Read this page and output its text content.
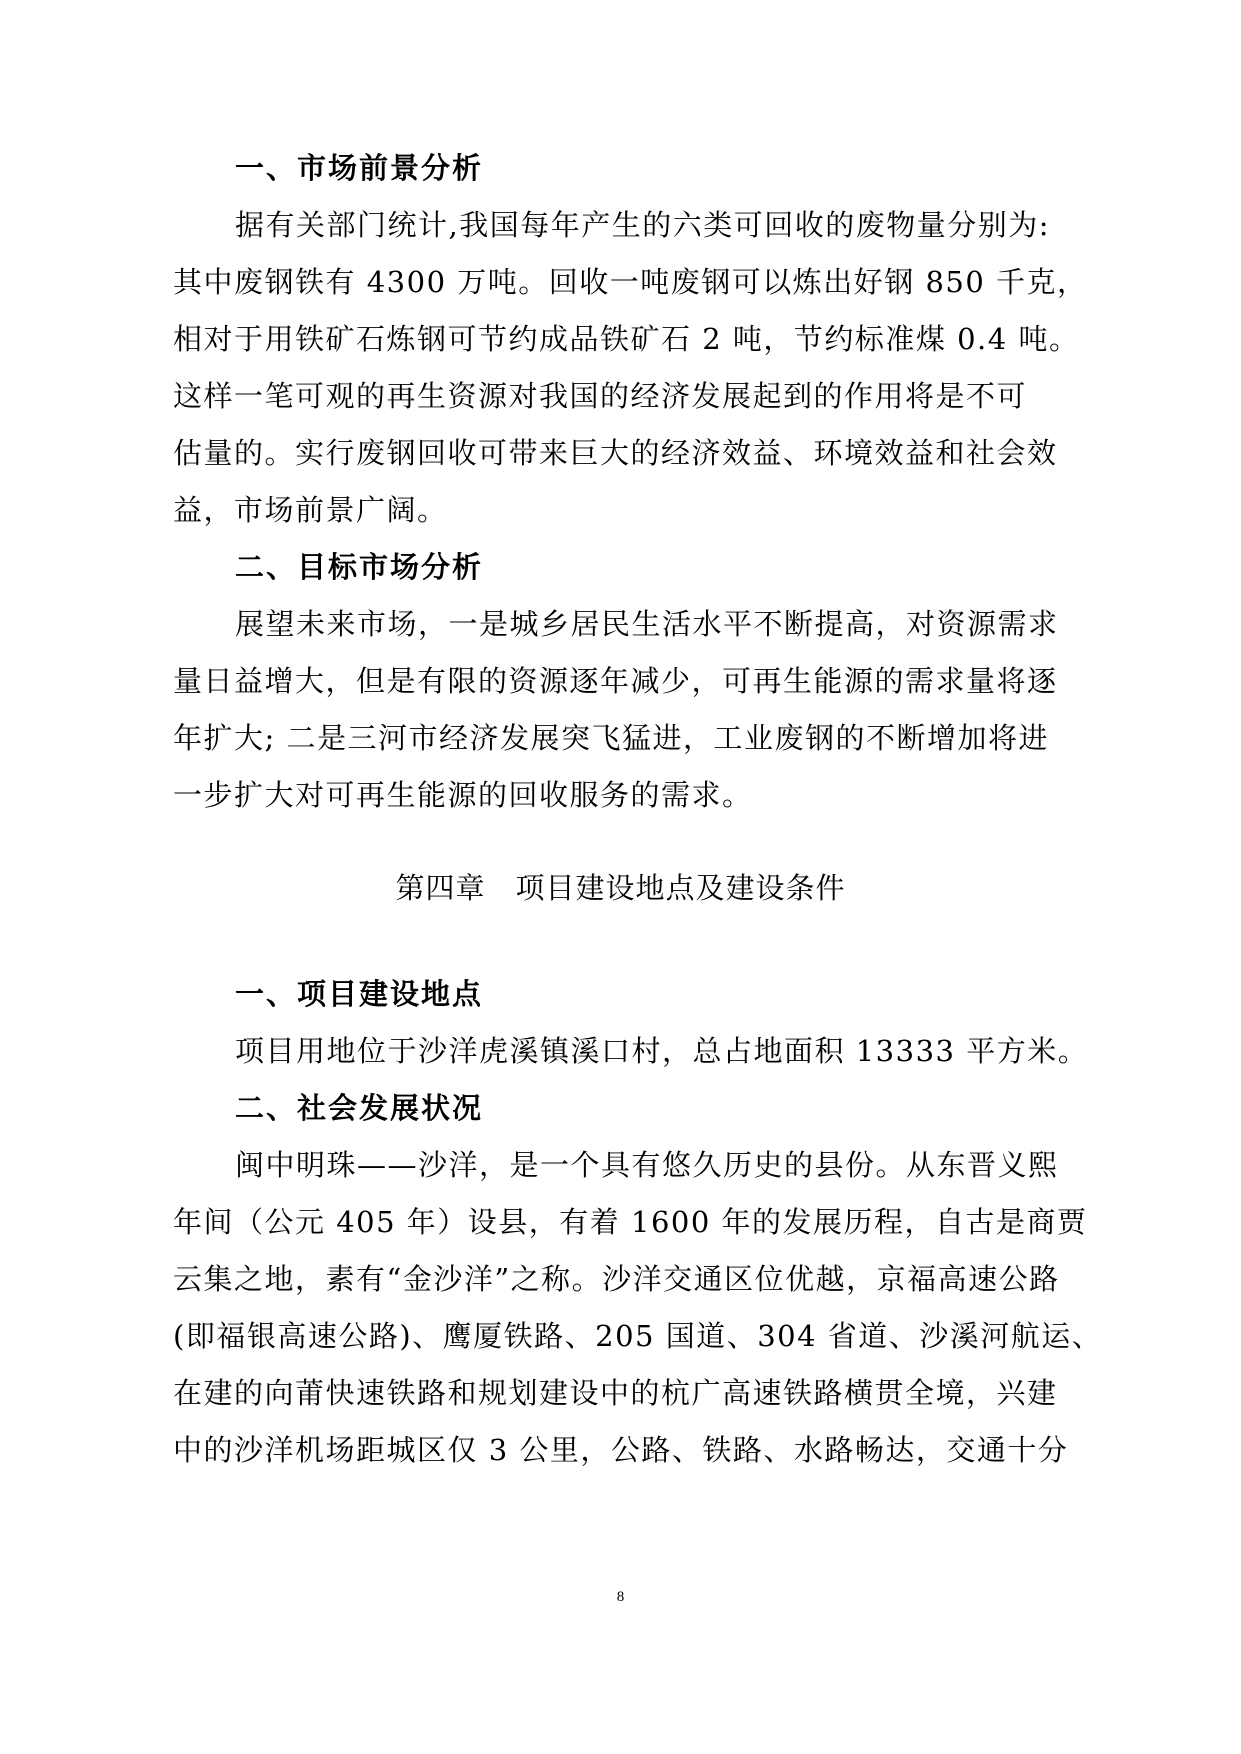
一、市场前景分析
据有关部门统计,我国每年产生的六类可回收的废物量分别为:
其中废钢铁有 4300 万吨。回收一吨废钢可以炼出好钢 850 千克，
相对于用铁矿石炼钢可节约成品铁矿石 2 吨，节约标准煤 0.4 吨。
这样一笔可观的再生资源对我国的经济发展起到的作用将是不可
估量的。实行废钢回收可带来巨大的经济效益、环境效益和社会效
益，市场前景广阔。
二、目标市场分析
展望未来市场，一是城乡居民生活水平不断提高，对资源需求
量日益增大，但是有限的资源逐年减少，可再生能源的需求量将逐
年扩大; 二是三河市经济发展突飞猛进，工业废钢的不断增加将进
一步扩大对可再生能源的回收服务的需求。
第四章　项目建设地点及建设条件
一、项目建设地点
项目用地位于沙洋虎溪镇溪口村，总占地面积 13333 平方米。
二、社会发展状况
闽中明珠——沙洋，是一个具有悠久历史的县份。从东晋义熙
年间（公元 405 年）设县，有着 1600 年的发展历程，自古是商贾
云集之地，素有“金沙洋”之称。沙洋交通区位优越，京福高速公路
(即福银高速公路)、鹰厦铁路、205 国道、304 省道、沙溪河航运、
在建的向莆快速铁路和规划建设中的杭广高速铁路横贯全境，兴建
中的沙洋机场距城区仅 3 公里，公路、铁路、水路畅达，交通十分
8
